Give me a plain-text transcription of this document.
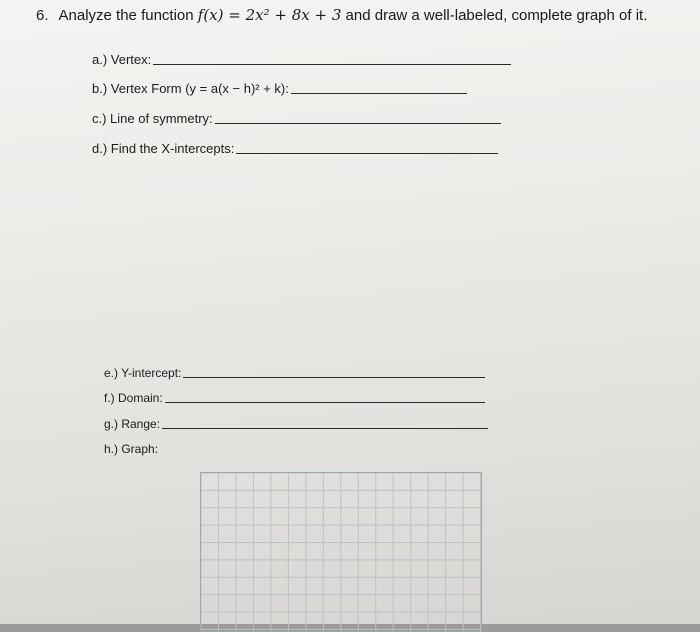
6. Analyze the function f(x) = 2x² + 8x + 3 and draw a well-labeled, complete graph of it.
a.) Vertex:
b.) Vertex Form (y = a(x − h)² + k):
c.) Line of symmetry:
d.) Find the X-intercepts:
e.) Y-intercept:
f.) Domain:
g.) Range:
h.) Graph:
